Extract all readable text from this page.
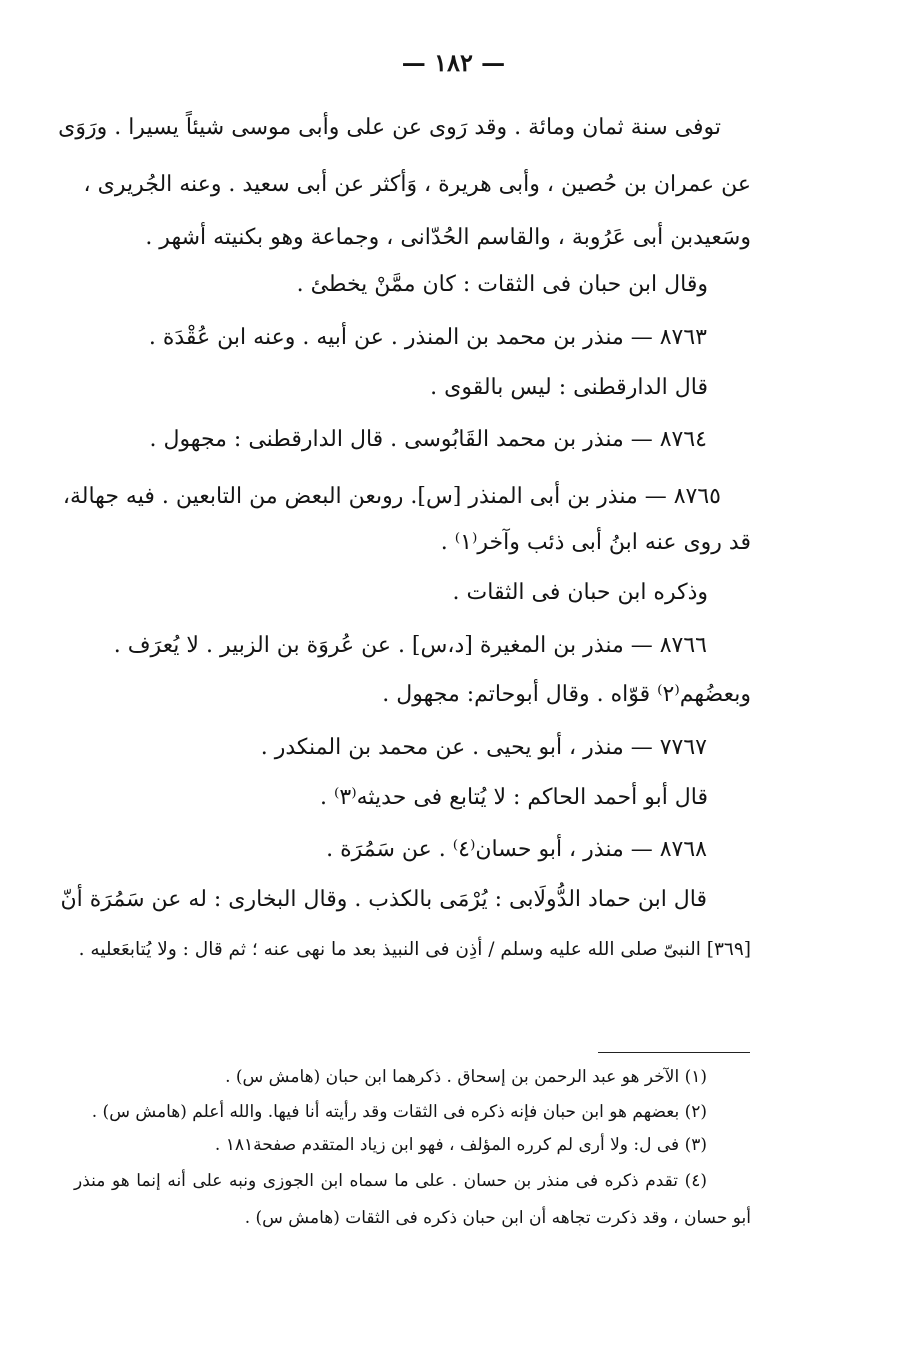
— ١٨٢ —
توفى سنة ثمان ومائة . وقد رَوى عن على وأبى موسى شيئاً يسيرا . ورَوَى
عن عمران بن حُصين ، وأبى هريرة ، وَأكثر عن أبى سعيد . وعنه الجُريرى ،
وسَعيدبن أبى عَرُوبة ، والقاسم الحُدّانى ، وجماعة وهو بكنيته أشهر .
وقال ابن حبان فى الثقات : كان ممَّنْ يخطئ .
٨٧٦٣ — منذر بن محمد بن المنذر . عن أبيه . وعنه ابن عُقْدَة .
قال الدارقطنى : ليس بالقوى .
٨٧٦٤ — منذر بن محمد القَابُوسى . قال الدارقطنى : مجهول .
٨٧٦٥ — منذر بن أبى المنذر [س]. روىعن البعض من التابعين . فيه جهالة،
قد روى عنه ابنُ أبى ذئب وآخر⁽١⁾ .
وذكره ابن حبان فى الثقات .
٨٧٦٦ — منذر بن المغيرة [د،س] . عن عُروَة بن الزبير . لا يُعرَف .
وبعضُهم⁽٢⁾ قوّاه . وقال أبوحاتم: مجهول .
٧٧٦٧ — منذر ، أبو يحيى . عن محمد بن المنكدر .
قال أبو أحمد الحاكم : لا يُتابع فى حديثه⁽٣⁾ .
٨٧٦٨ — منذر ، أبو حسان⁽٤⁾ . عن سَمُرَة .
قال ابن حماد الدُّولَابى : يُرْمَى بالكذب . وقال البخارى : له عن سَمُرَة أنّ
[٣٦٩] النبىّ صلى الله عليه وسلم / أذِن فى النبيذ بعد ما نهى عنه ؛ ثم قال : ولا يُتابعَعليه .
(١) الآخر هو عبد الرحمن بن إسحاق . ذكرهما ابن حبان (هامش س) .
(٢) بعضهم هو ابن حبان فإنه ذكره فى الثقات وقد رأيته أنا فيها. والله أعلم (هامش س) .
(٣) فى ل: ولا أرى لم كرره المؤلف ، فهو ابن زياد المتقدم صفحة١٨١ .
(٤) تقدم ذكره فى منذر بن حسان . على ما سماه ابن الجوزى ونبه على أنه إنما هو منذر
أبو حسان ، وقد ذكرت تجاهه أن ابن حبان ذكره فى الثقات (هامش س) .
